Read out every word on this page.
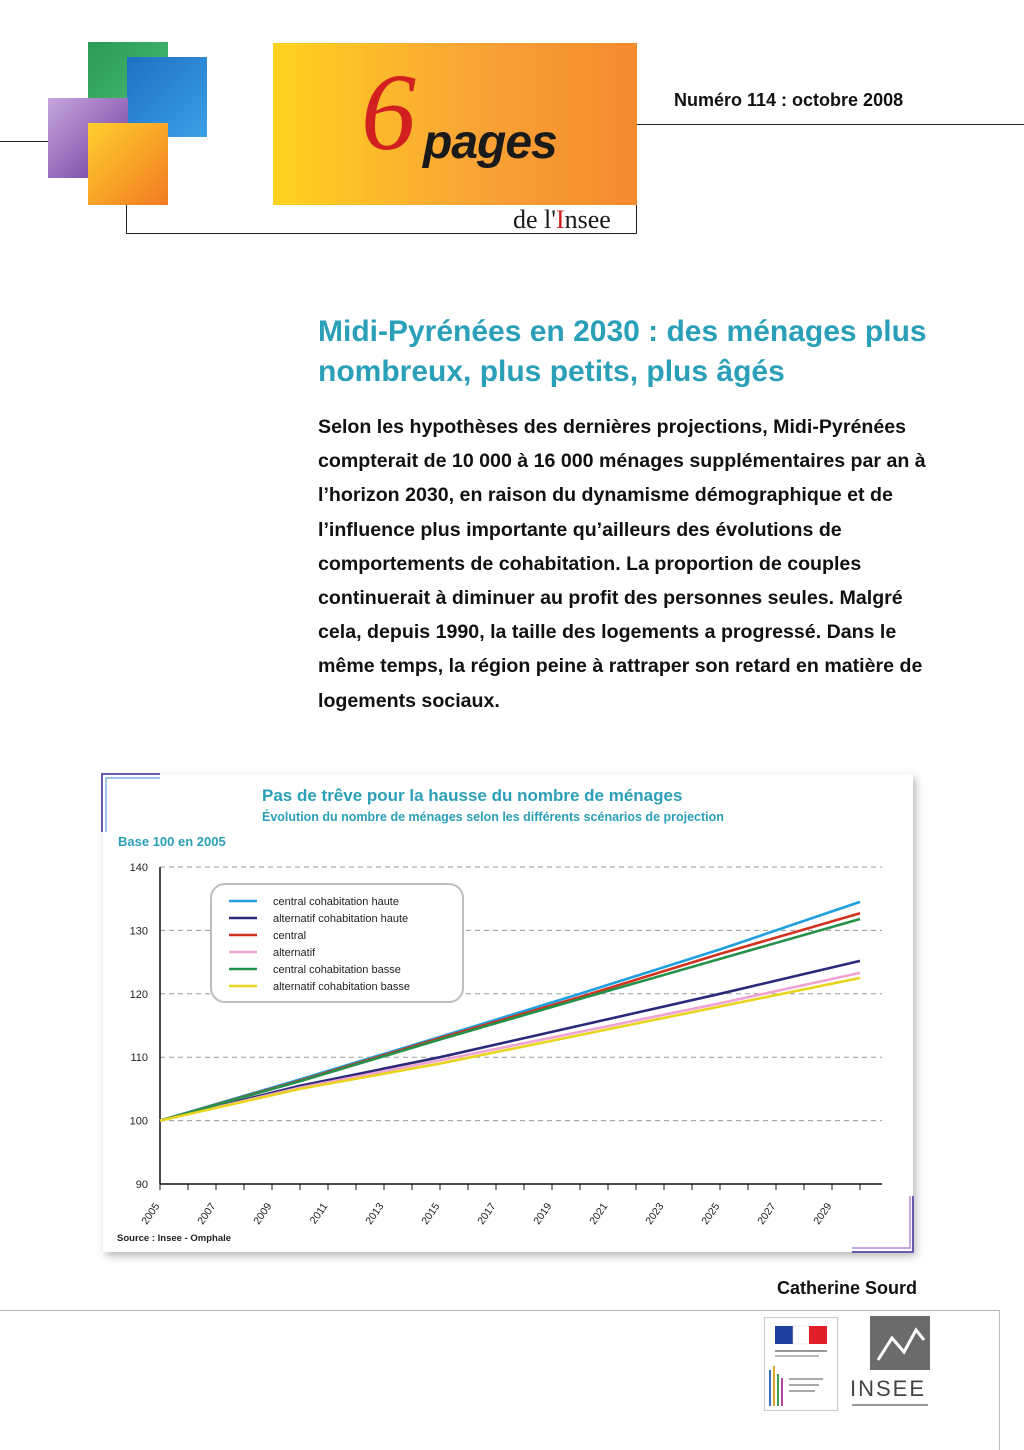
6 pages
de l'Insee
Numéro 114 : octobre 2008
Midi-Pyrénées en 2030 : des ménages plus nombreux, plus petits, plus âgés
Selon les hypothèses des dernières projections, Midi-Pyrénées compterait de 10 000 à 16 000 ménages supplémentaires par an à l’horizon 2030, en raison du dynamisme démographique et de l’influence plus importante qu’ailleurs des évolutions de comportements de cohabitation. La proportion de couples continuerait à diminuer au profit des personnes seules. Malgré cela, depuis 1990, la taille des logements a progressé. Dans le même temps, la région peine à rattraper son retard en matière de logements sociaux.
Pas de trêve pour la hausse du nombre de ménages
Évolution du nombre de ménages selon les différents scénarios de projection
Base 100 en 2005
90
100
110
120
130
140
2005	2007	2009	2011	2013	2015	2017	2019	2021	2023	2025	2027	2029
central cohabitation haute
alternatif cohabitation haute
central
alternatif
central cohabitation basse
alternatif cohabitation basse
Source : Insee - Omphale
Catherine Sourd
INSEE
